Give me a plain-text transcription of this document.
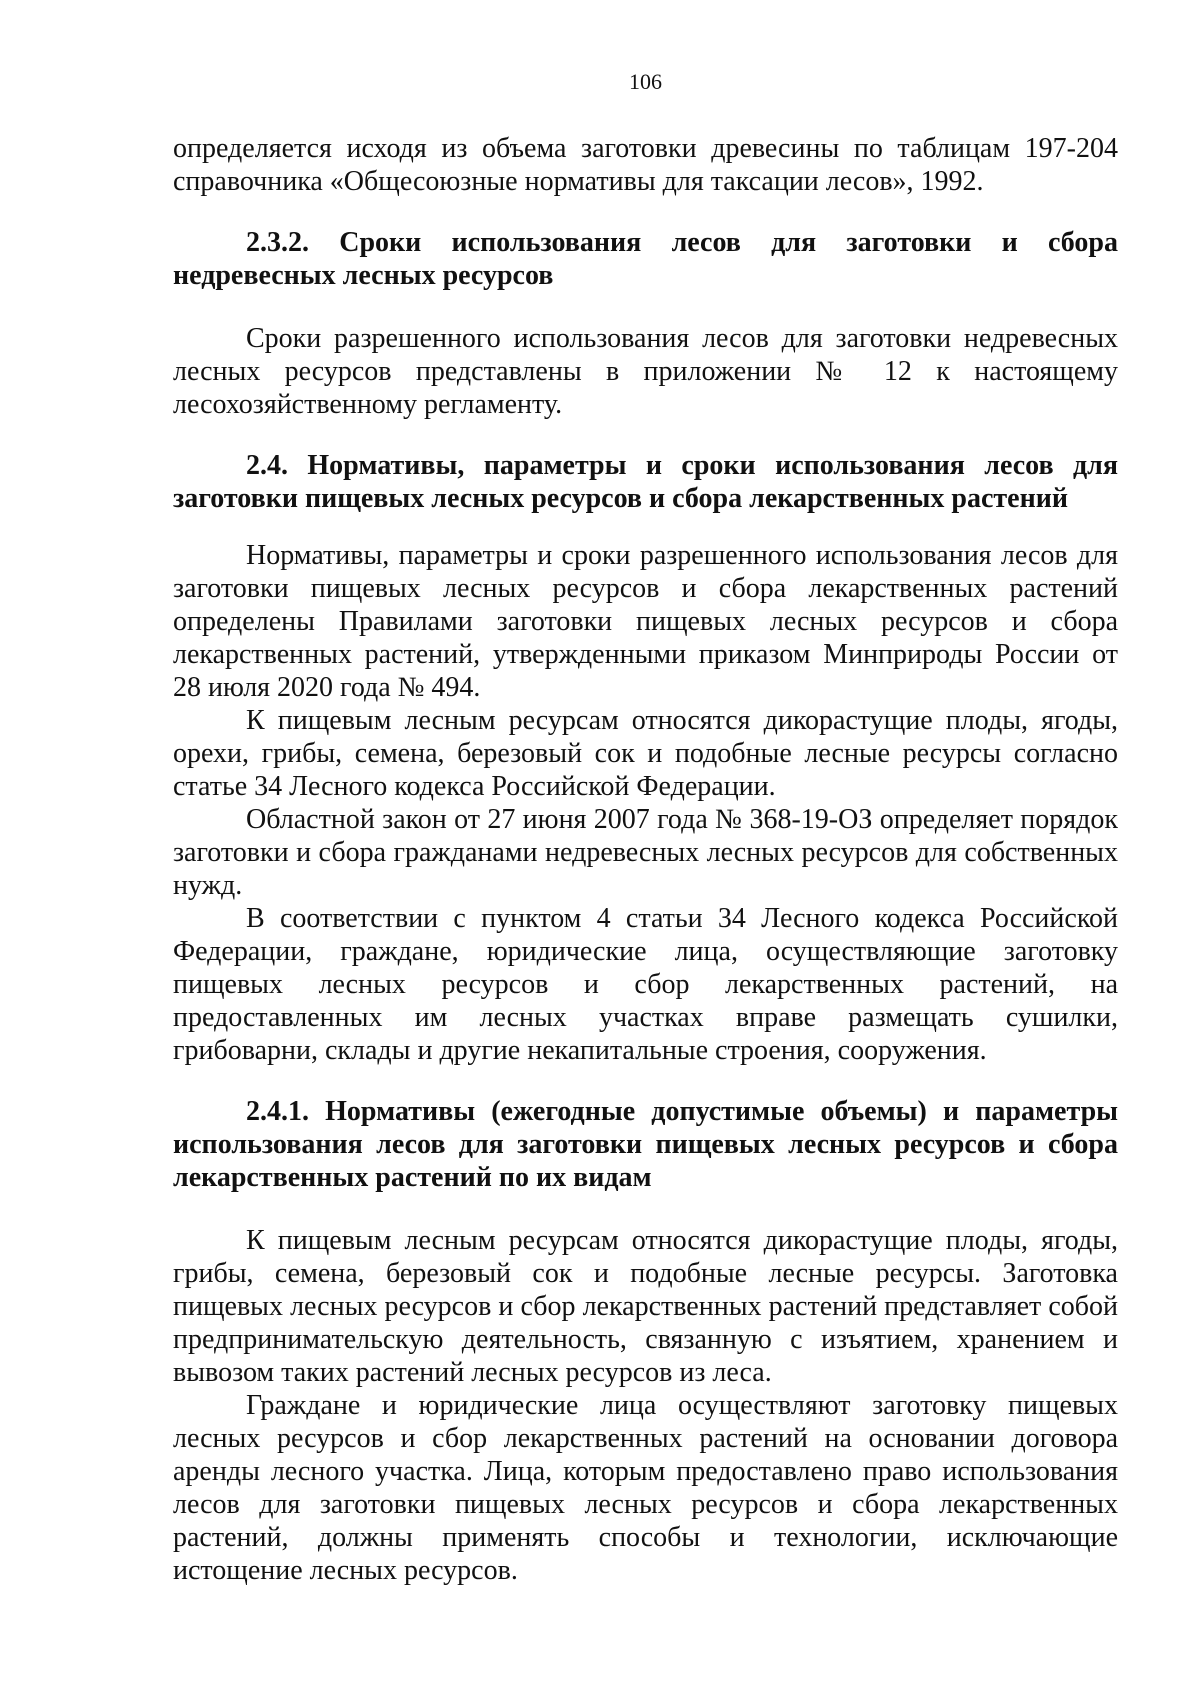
106

определяется исходя из объема заготовки древесины по таблицам 197-204 справочника «Общесоюзные нормативы для таксации лесов», 1992.

2.3.2. Сроки использования лесов для заготовки и сбора недревесных лесных ресурсов

Сроки разрешенного использования лесов для заготовки недревесных лесных ресурсов представлены в приложении № 12 к настоящему лесохозяйственному регламенту.

2.4. Нормативы, параметры и сроки использования лесов для заготовки пищевых лесных ресурсов и сбора лекарственных растений

Нормативы, параметры и сроки разрешенного использования лесов для заготовки пищевых лесных ресурсов и сбора лекарственных растений определены Правилами заготовки пищевых лесных ресурсов и сбора лекарственных растений, утвержденными приказом Минприроды России от 28 июля 2020 года № 494.

К пищевым лесным ресурсам относятся дикорастущие плоды, ягоды, орехи, грибы, семена, березовый сок и подобные лесные ресурсы согласно статье 34 Лесного кодекса Российской Федерации.

Областной закон от 27 июня 2007 года № 368-19-ОЗ определяет порядок заготовки и сбора гражданами недревесных лесных ресурсов для собственных нужд.

В соответствии с пунктом 4 статьи 34 Лесного кодекса Российской Федерации, граждане, юридические лица, осуществляющие заготовку пищевых лесных ресурсов и сбор лекарственных растений, на предоставленных им лесных участках вправе размещать сушилки, грибоварни, склады и другие некапитальные строения, сооружения.

2.4.1. Нормативы (ежегодные допустимые объемы) и параметры использования лесов для заготовки пищевых лесных ресурсов и сбора лекарственных растений по их видам

К пищевым лесным ресурсам относятся дикорастущие плоды, ягоды, грибы, семена, березовый сок и подобные лесные ресурсы. Заготовка пищевых лесных ресурсов и сбор лекарственных растений представляет собой предпринимательскую деятельность, связанную с изъятием, хранением и вывозом таких растений лесных ресурсов из леса.

Граждане и юридические лица осуществляют заготовку пищевых лесных ресурсов и сбор лекарственных растений на основании договора аренды лесного участка. Лица, которым предоставлено право использования лесов для заготовки пищевых лесных ресурсов и сбора лекарственных растений, должны применять способы и технологии, исключающие истощение лесных ресурсов.
